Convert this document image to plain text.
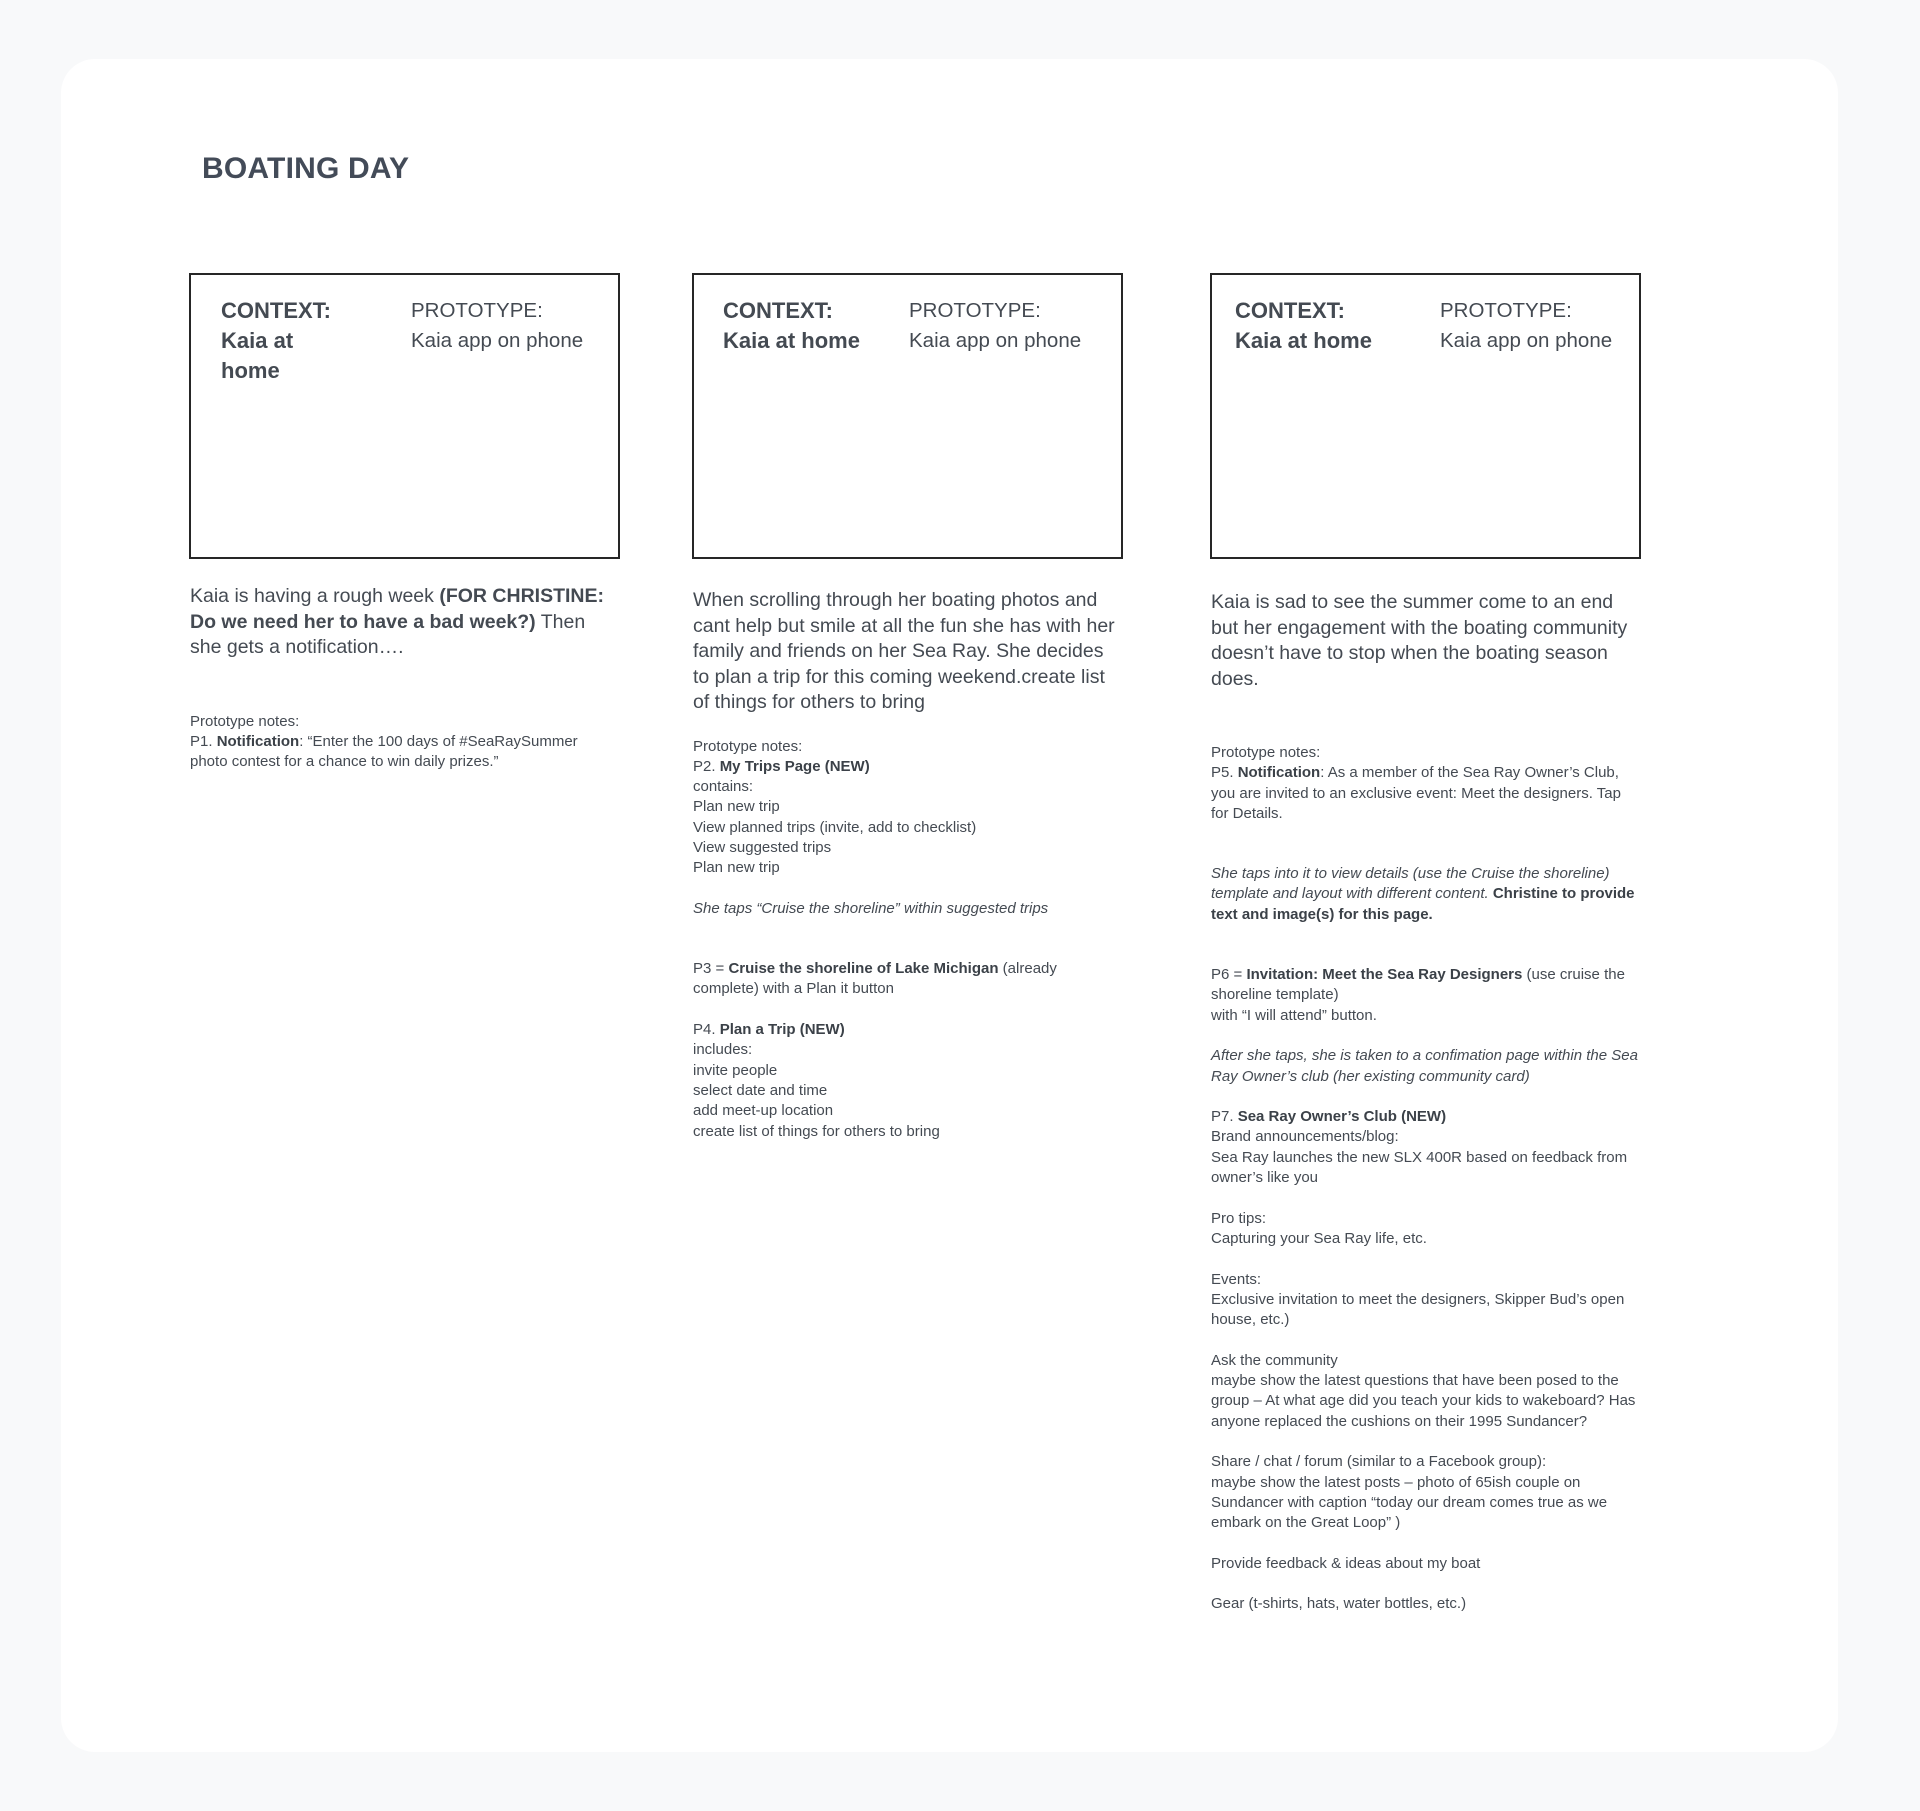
BOATING DAY
CONTEXT:
Kaia at
home
PROTOTYPE:
Kaia app on phone

Kaia is having a rough week (FOR CHRISTINE: Do we need her to have a bad week?) Then she gets a notification….

Prototype notes:

P1. Notification: “Enter the 100 days of #SeaRaySummer photo contest for a chance to win daily prizes.”

CONTEXT:
Kaia at home
PROTOTYPE:
Kaia app on phone

When scrolling through her boating photos and cant help but smile at all the fun she has with her family and friends on her Sea Ray. She decides to plan a trip for this coming weekend.create list of things for others to bring

Prototype notes:

P2. My Trips Page (NEW)

contains:

Plan new trip

View planned trips (invite, add to checklist)

View suggested trips

Plan new trip

She taps “Cruise the shoreline” within suggested trips

P3 = Cruise the shoreline of Lake Michigan (already complete) with a Plan it button

P4. Plan a Trip (NEW)

includes:

invite people

select date and time

add meet-up location

create list of things for others to bring

CONTEXT:
Kaia at home
PROTOTYPE:
Kaia app on phone

Kaia is sad to see the summer come to an end but her engagement with the boating community doesn’t have to stop when the boating season does.

Prototype notes:

P5. Notification: As a member of the Sea Ray Owner’s Club, you are invited to an exclusive event: Meet the designers. Tap for Details.

She taps into it to view details (use the Cruise the shoreline) template and layout with different content. Christine to provide text and image(s) for this page.

P6 = Invitation: Meet the Sea Ray Designers (use cruise the shoreline template)

with “I will attend” button.

After she taps, she is taken to a confimation page within the Sea Ray Owner’s club (her existing community card)

P7. Sea Ray Owner’s Club (NEW)

Brand announcements/blog:

Sea Ray launches the new SLX 400R based on feedback from owner’s like you

Pro tips:

Capturing your Sea Ray life, etc.

Events:

Exclusive invitation to meet the designers, Skipper Bud’s open house, etc.)

Ask the community

maybe show the latest questions that have been posed to the group – At what age did you teach your kids to wakeboard? Has anyone replaced the cushions on their 1995 Sundancer?

Share / chat / forum (similar to a Facebook group):

maybe show the latest posts – photo of 65ish couple on Sundancer with caption “today our dream comes true as we embark on the Great Loop” )

Provide feedback & ideas about my boat

Gear (t-shirts, hats, water bottles, etc.)
